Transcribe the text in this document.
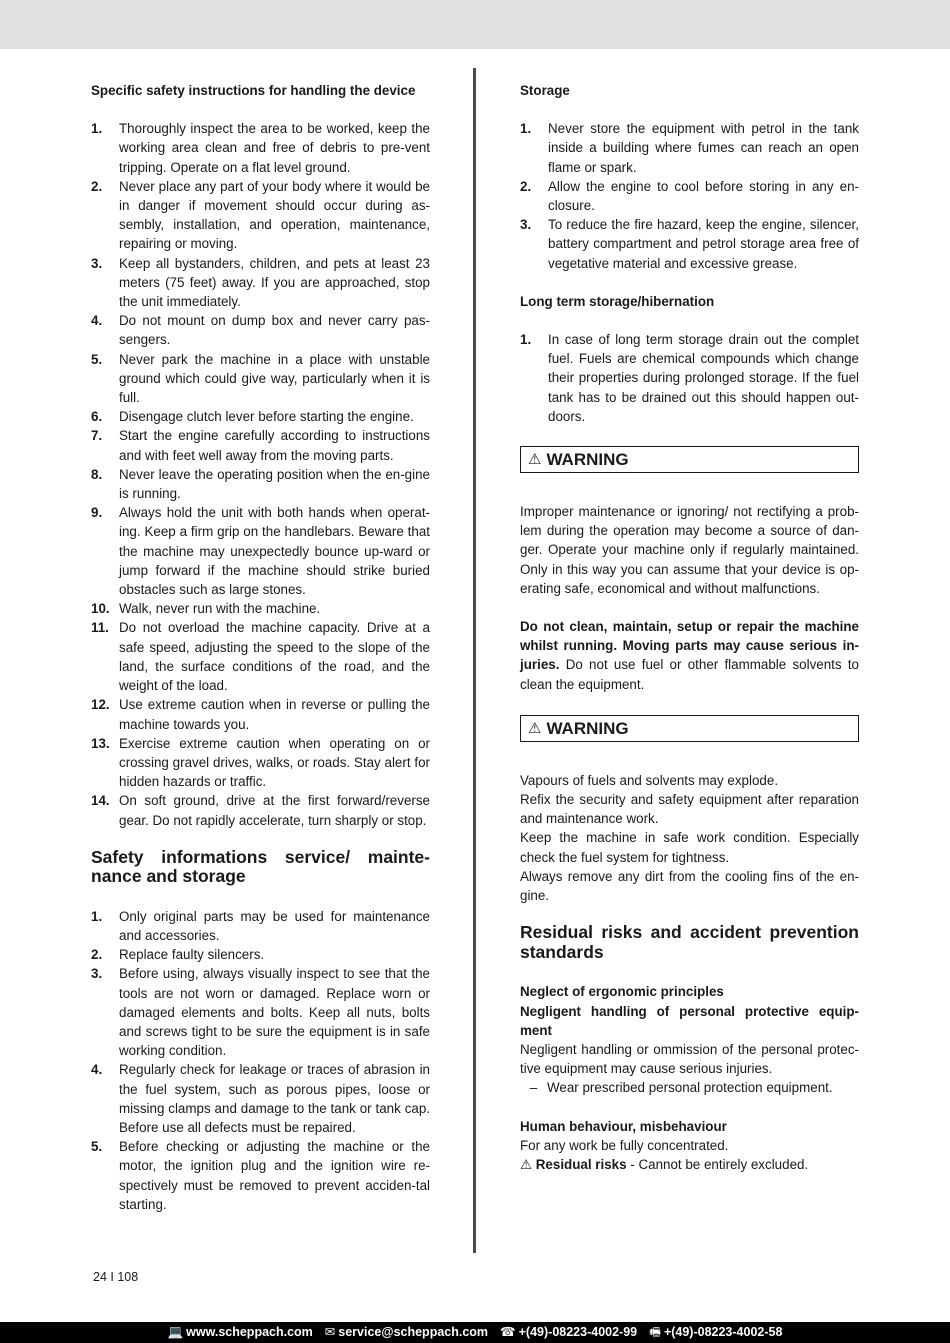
Specific safety instructions for handling the device
1.	Thoroughly inspect the area to be worked, keep the working area clean and free of debris to pre-vent tripping. Operate on a flat level ground.
2.	Never place any part of your body where it would be in danger if movement should occur during as-sembly, installation, and operation, maintenance, repairing or moving.
3.	Keep all bystanders, children, and pets at least 23 meters (75 feet) away. If you are approached, stop the unit immediately.
4.	Do not mount on dump box and never carry pas-sengers.
5.	Never park the machine in a place with unstable ground which could give way, particularly when it is full.
6.	Disengage clutch lever before starting the engine.
7.	Start the engine carefully according to instructions and with feet well away from the moving parts.
8.	Never leave the operating position when the en-gine is running.
9.	Always hold the unit with both hands when operat-ing. Keep a firm grip on the handlebars. Beware that the machine may unexpectedly bounce up-ward or jump forward if the machine should strike buried obstacles such as large stones.
10. Walk, never run with the machine.
11. Do not overload the machine capacity. Drive at a safe speed, adjusting the speed to the slope of the land, the surface conditions of the road, and the weight of the load.
12. Use extreme caution when in reverse or pulling the machine towards you.
13. Exercise extreme caution when operating on or crossing gravel drives, walks, or roads. Stay alert for hidden hazards or traffic.
14. On soft ground, drive at the first forward/reverse gear. Do not rapidly accelerate, turn sharply or stop.
Safety informations service/ mainte-nance and storage
1.	Only original parts may be used for maintenance and accessories.
2.	Replace faulty silencers.
3.	Before using, always visually inspect to see that the tools are not worn or damaged. Replace worn or damaged elements and bolts. Keep all nuts, bolts and screws tight to be sure the equipment is in safe working condition.
4.	Regularly check for leakage or traces of abrasion in the fuel system, such as porous pipes, loose or missing clamps and damage to the tank or tank cap. Before use all defects must be repaired.
5.	Before checking or adjusting the machine or the motor, the ignition plug and the ignition wire re-spectively must be removed to prevent acciden-tal starting.
Storage
1.	Never store the equipment with petrol in the tank inside a building where fumes can reach an open flame or spark.
2.	Allow the engine to cool before storing in any en-closure.
3.	To reduce the fire hazard, keep the engine, silencer, battery compartment and petrol storage area free of vegetative material and excessive grease.
Long term storage/hibernation
1.	In case of long term storage drain out the complet fuel. Fuels are chemical compounds which change their properties during prolonged storage. If the fuel tank has to be drained out this should happen out-doors.
⚠ WARNING
Improper maintenance or ignoring/ not rectifying a prob-lem during the operation may become a source of dan-ger. Operate your machine only if regularly maintained. Only in this way you can assume that your device is op-erating safe, economical and without malfunctions.
Do not clean, maintain, setup or repair the machine whilst running. Moving parts may cause serious in-juries. Do not use fuel or other flammable solvents to clean the equipment.
⚠ WARNING
Vapours of fuels and solvents may explode.
Refix the security and safety equipment after reparation and maintenance work.
Keep the machine in safe work condition. Especially check the fuel system for tightness.
Always remove any dirt from the cooling fins of the en-gine.
Residual risks and accident prevention standards
Neglect of ergonomic principles
Negligent handling of personal protective equip-ment
Negligent handling or ommission of the personal protec-tive equipment may cause serious injuries.
– Wear prescribed personal protection equipment.
Human behaviour, misbehaviour
For any work be fully concentrated.
⚠ Residual risks - Cannot be entirely excluded.
24 I 108
💻 www.scheppach.com ✉ service@scheppach.com ☎ +(49)-08223-4002-99 🖷 +(49)-08223-4002-58
